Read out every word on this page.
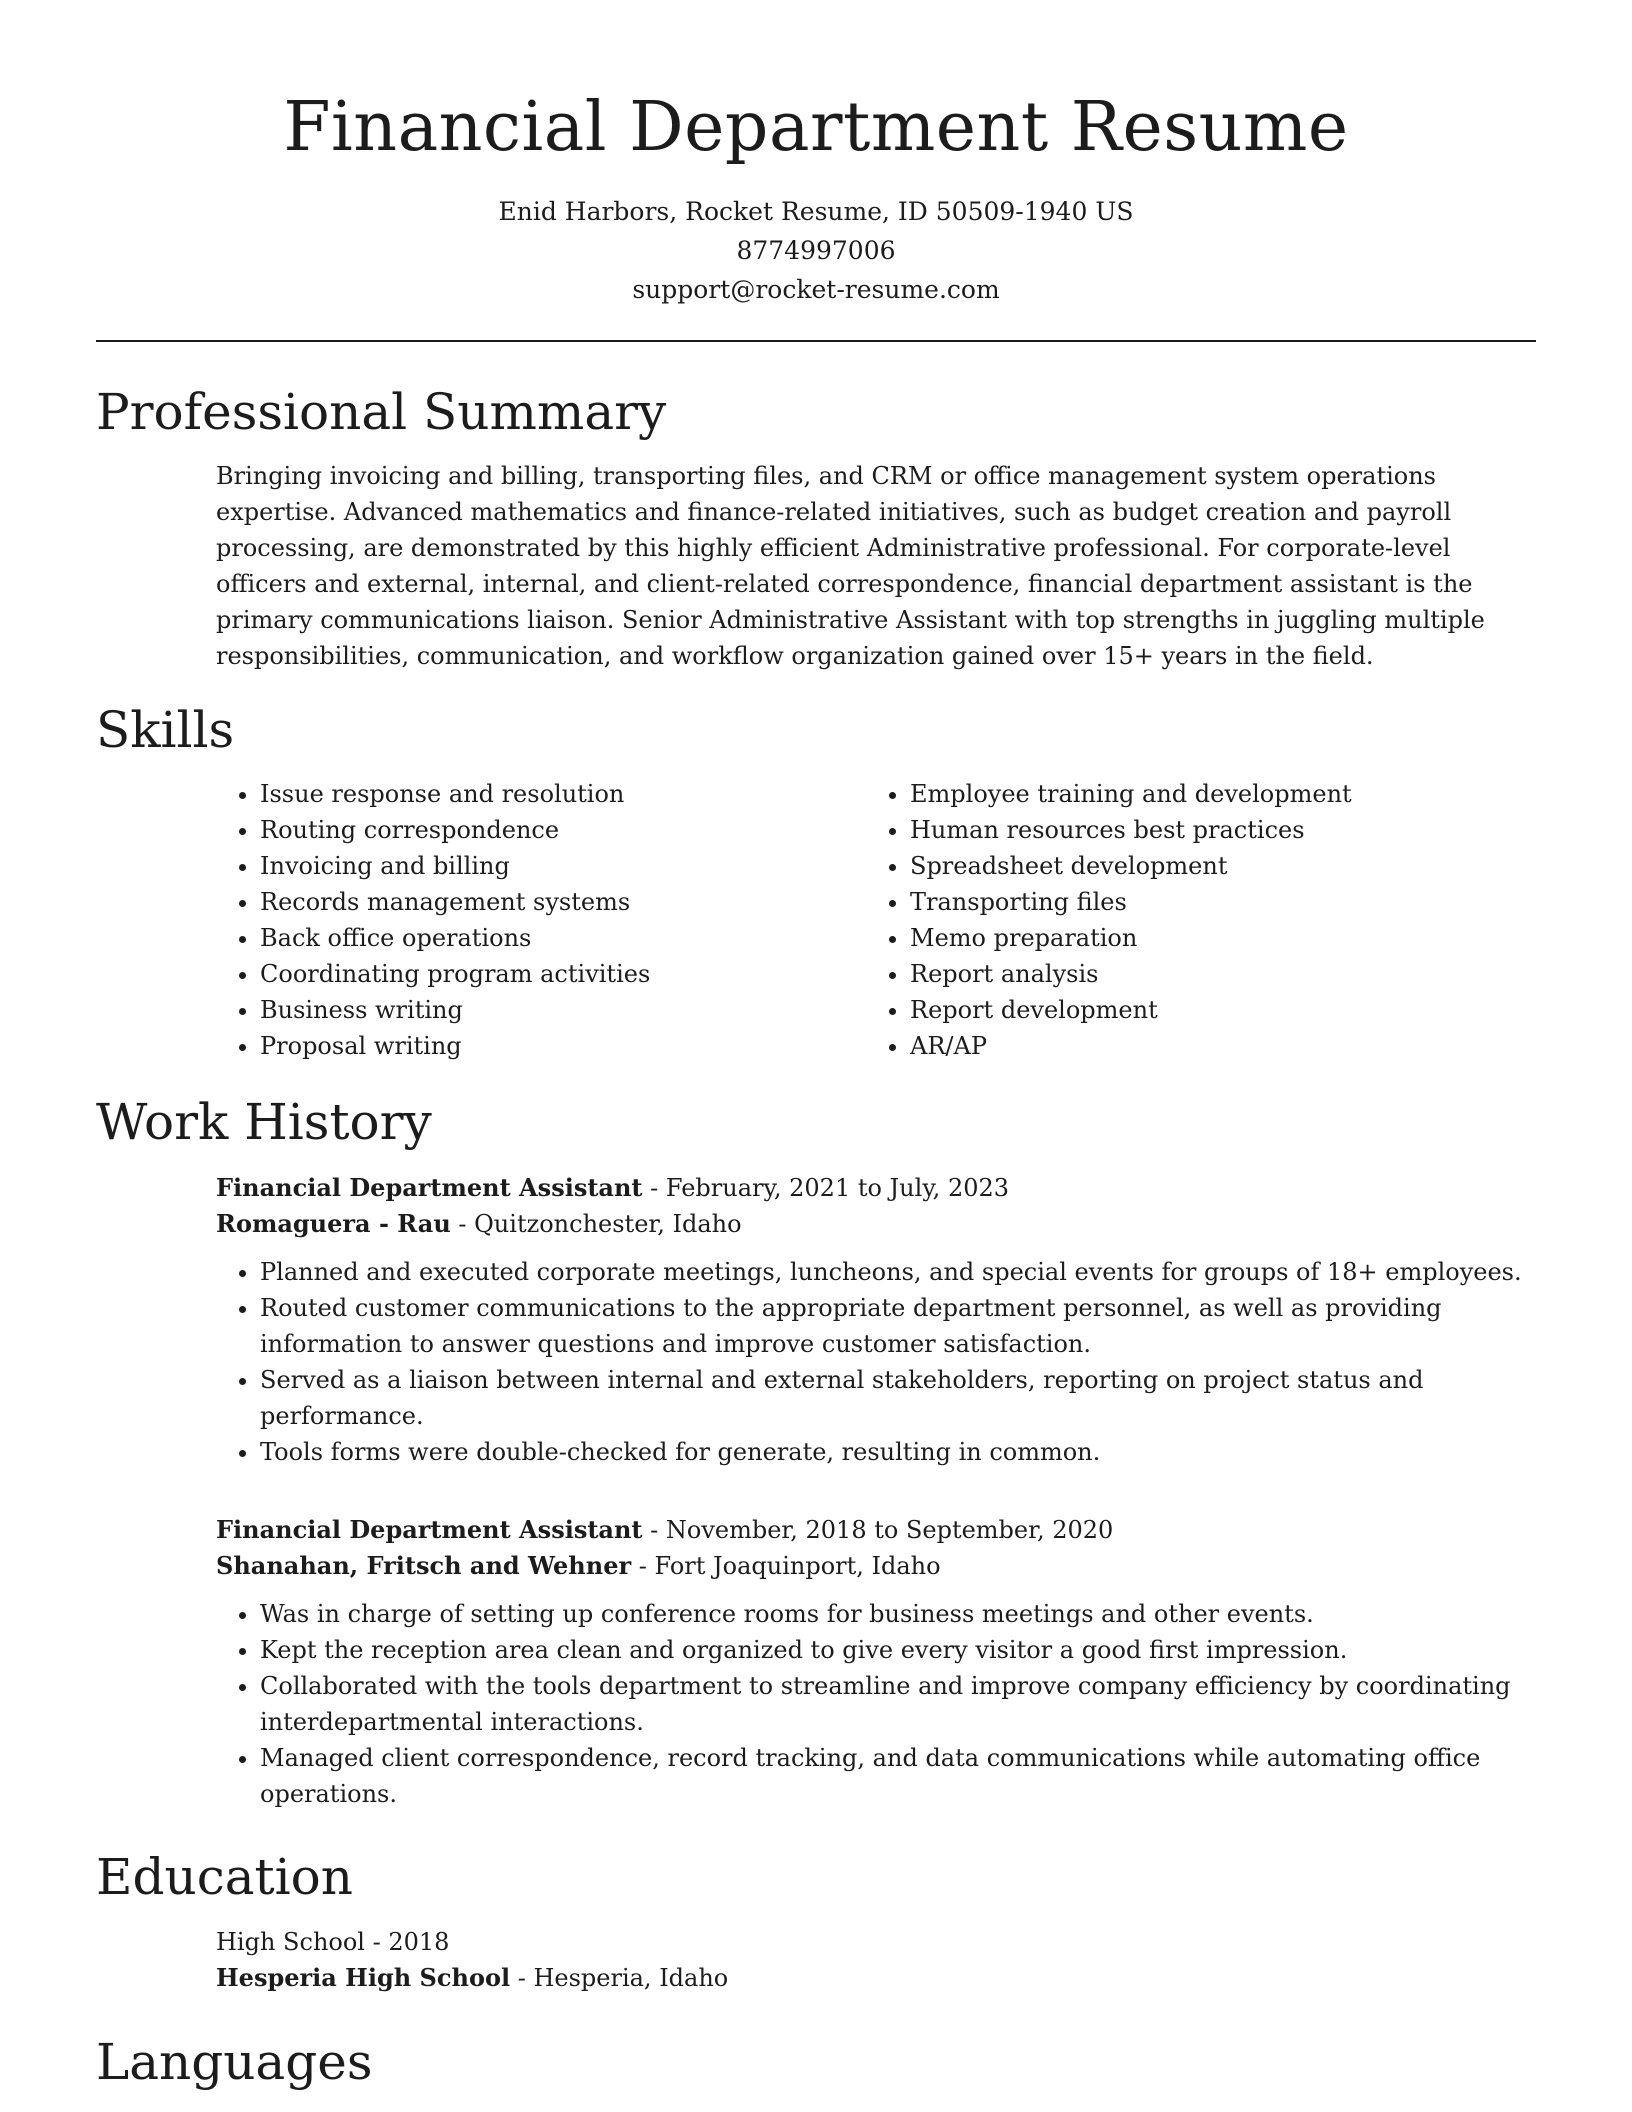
Financial Department Resume
Enid Harbors, Rocket Resume, ID 50509-1940 US
8774997006
support@rocket-resume.com
Professional Summary

Bringing invoicing and billing, transporting files, and CRM or office management system operations expertise. Advanced mathematics and finance-related initiatives, such as budget creation and payroll processing, are demonstrated by this highly efficient Administrative professional. For corporate-level officers and external, internal, and client-related correspondence, financial department assistant is the primary communications liaison. Senior Administrative Assistant with top strengths in juggling multiple responsibilities, communication, and workflow organization gained over 15+ years in the field.

Skills
• Issue response and resolution
• Routing correspondence
• Invoicing and billing
• Records management systems
• Back office operations
• Coordinating program activities
• Business writing
• Proposal writing
• Employee training and development
• Human resources best practices
• Spreadsheet development
• Transporting files
• Memo preparation
• Report analysis
• Report development
• AR/AP
Work History

Financial Department Assistant - February, 2021 to July, 2023

Romaguera - Rau - Quitzonchester, Idaho

• Planned and executed corporate meetings, luncheons, and special events for groups of 18+ employees.
• Routed customer communications to the appropriate department personnel, as well as providing information to answer questions and improve customer satisfaction.
• Served as a liaison between internal and external stakeholders, reporting on project status and performance.
• Tools forms were double-checked for generate, resulting in common.

Financial Department Assistant - November, 2018 to September, 2020

Shanahan, Fritsch and Wehner - Fort Joaquinport, Idaho

• Was in charge of setting up conference rooms for business meetings and other events.
• Kept the reception area clean and organized to give every visitor a good first impression.
• Collaborated with the tools department to streamline and improve company efficiency by coordinating interdepartmental interactions.
• Managed client correspondence, record tracking, and data communications while automating office operations.
Education

High School - 2018

Hesperia High School - Hesperia, Idaho

Languages
